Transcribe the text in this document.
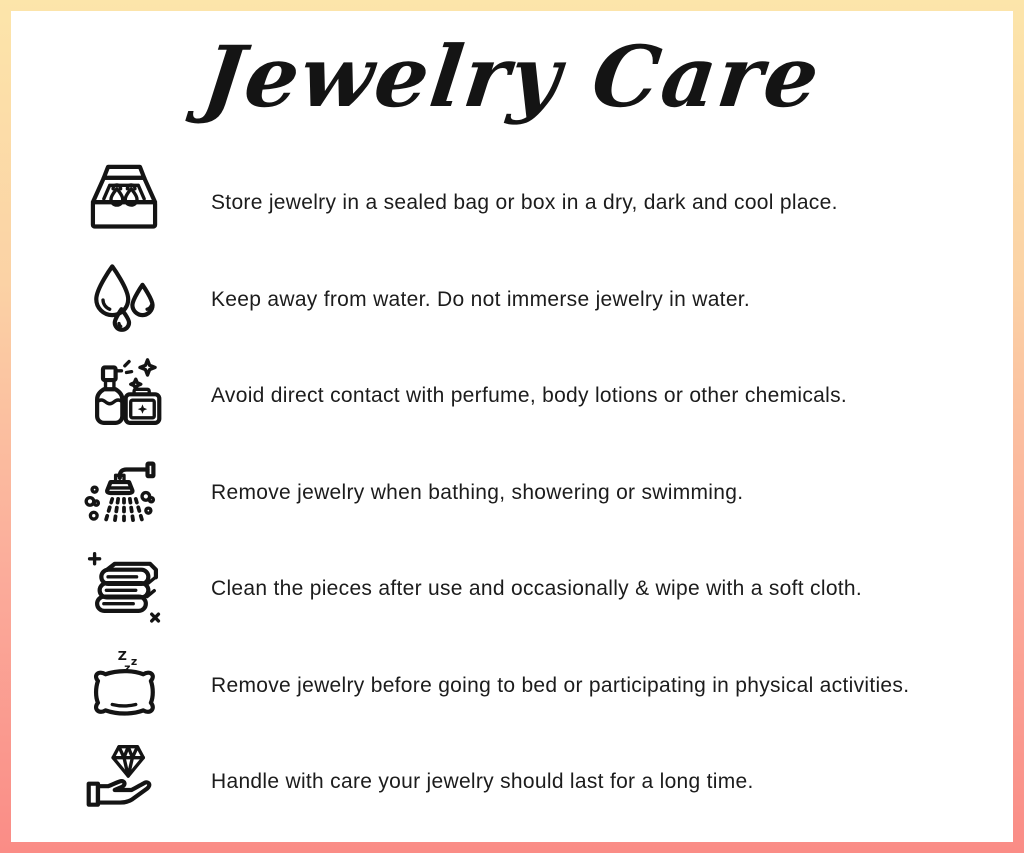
Jewelry Care

Store jewelry in a sealed bag or box in a dry, dark and cool place.

Keep away from water. Do not immerse jewelry in water.

Avoid direct contact with perfume, body lotions or other chemicals.

Remove jewelry when bathing, showering or swimming.

Clean the pieces after use and occasionally & wipe with a soft cloth.

Z z
z

Remove jewelry before going to bed or participating in physical activities.

Handle with care your jewelry should last for a long time.
